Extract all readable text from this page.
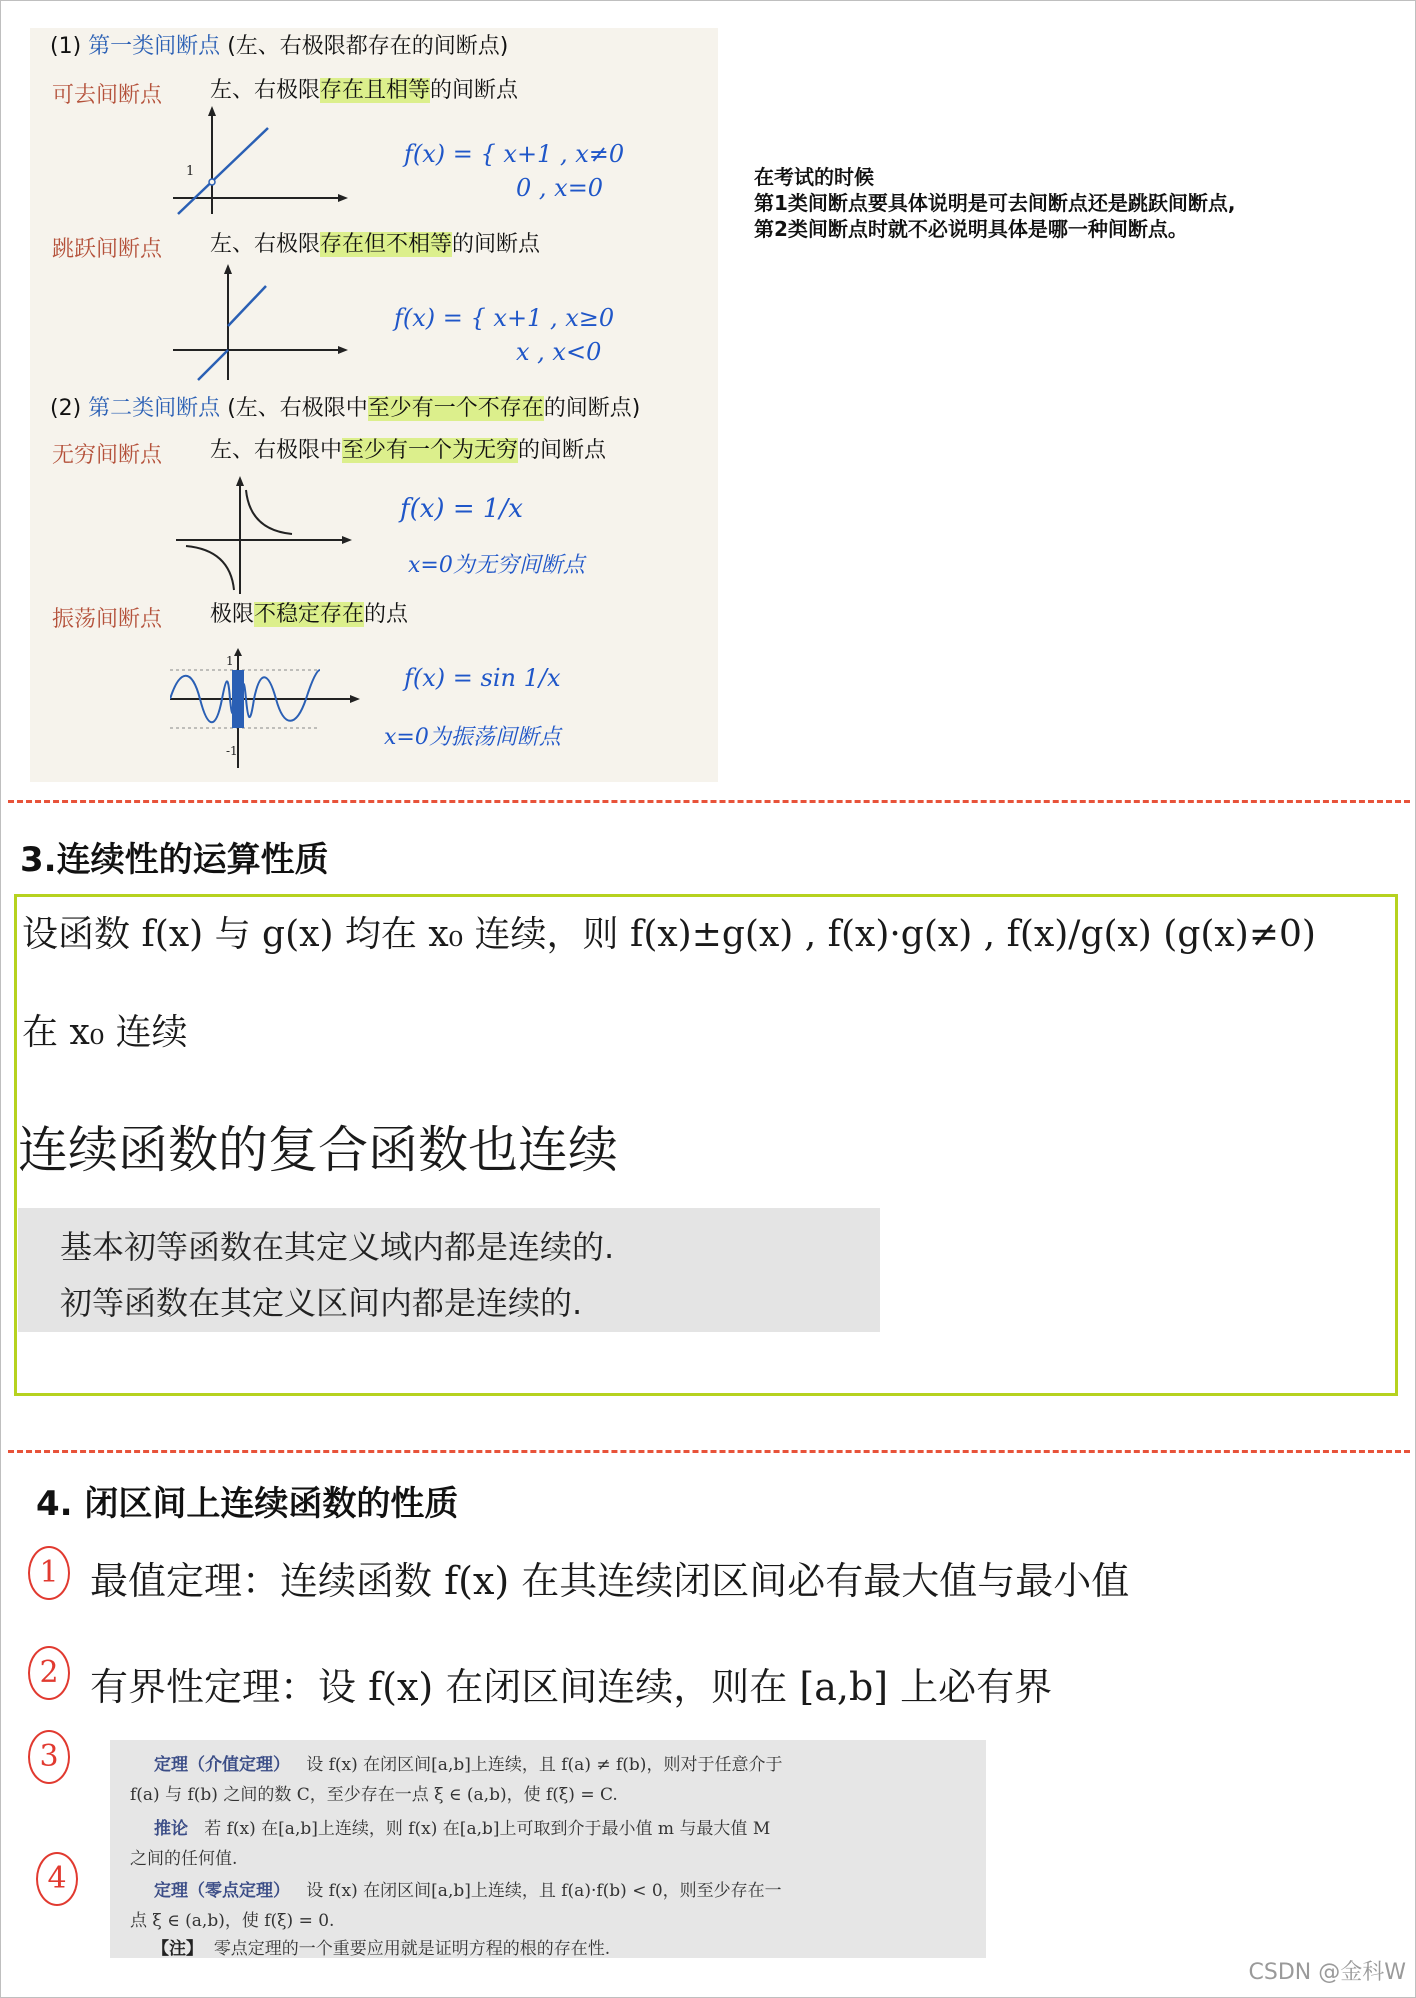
(1) 第一类间断点 (左、右极限都存在的间断点)
可去间断点 左、右极限存在且相等的间断点
1
f(x) = { x+1 , x≠0
0 , x=0
跳跃间断点 左、右极限存在但不相等的间断点
f(x) = { x+1 , x≥0
x , x<0
(2) 第二类间断点 (左、右极限中至少有一个不存在的间断点)
无穷间断点 左、右极限中至少有一个为无穷的间断点
f(x) = 1/x
x=0为无穷间断点
振荡间断点 极限不稳定存在的点
1
-1
f(x) = sin 1/x
x=0为振荡间断点
在考试的时候
第1类间断点要具体说明是可去间断点还是跳跃间断点,
第2类间断点时就不必说明具体是哪一种间断点。
3.连续性的运算性质
设函数 f(x) 与 g(x) 均在 x₀ 连续，则 f(x)±g(x) , f(x)·g(x) , f(x)/g(x) (g(x)≠0)
在 x₀ 连续
连续函数的复合函数也连续
基本初等函数在其定义域内都是连续的.
初等函数在其定义区间内都是连续的.
4. 闭区间上连续函数的性质
1 最值定理：连续函数 f(x) 在其连续闭区间必有最大值与最小值
2 有界性定理：设 f(x) 在闭区间连续，则在 [a,b] 上必有界
3
4
定理（介值定理） 设 f(x) 在闭区间[a,b]上连续，且 f(a) ≠ f(b)，则对于任意介于
f(a) 与 f(b) 之间的数 C，至少存在一点 ξ ∈ (a,b)，使 f(ξ) = C.
推论 若 f(x) 在[a,b]上连续，则 f(x) 在[a,b]上可取到介于最小值 m 与最大值 M
之间的任何值.
定理（零点定理） 设 f(x) 在闭区间[a,b]上连续，且 f(a)·f(b) < 0，则至少存在一
点 ξ ∈ (a,b)，使 f(ξ) = 0.
【注】 零点定理的一个重要应用就是证明方程的根的存在性.
CSDN @金科W
